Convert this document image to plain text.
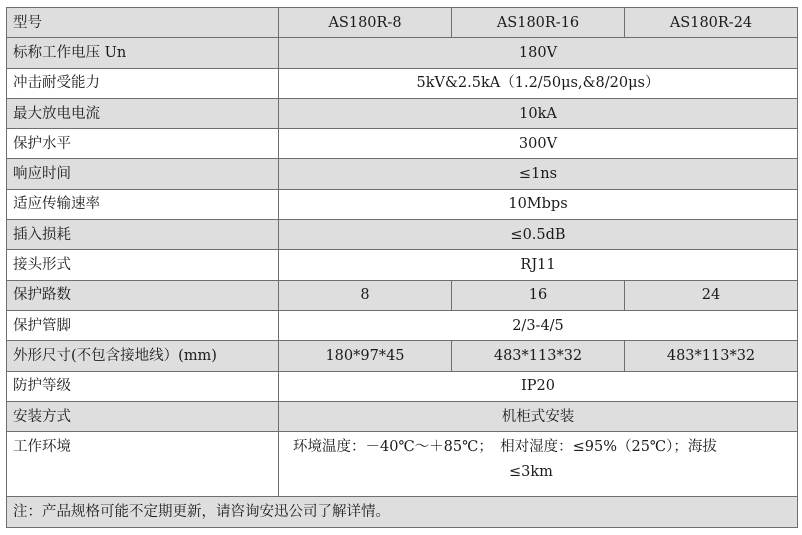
型号	AS180R-8	AS180R-16	AS180R-24
标称工作电压 Un	180V		
冲击耐受能力	5kV&2.5kA（1.2/50μs,&8/20μs）		
最大放电电流	10kA		
保护水平	300V		
响应时间	≤1ns		
适应传输速率	10Mbps		
插入损耗	≤0.5dB		
接头形式	RJ11		
保护路数	8	16	24
保护管脚	2/3-4/5		
外形尺寸(不包含接地线）(mm)	180*97*45	483*113*32	483*113*32
防护等级	IP20		
安装方式	机柜式安装		
工作环境	环境温度：－40℃～＋85℃；　相对湿度：≤95%（25℃）；海拔
≤3km		

注：产品规格可能不定期更新，请咨询安迅公司了解详情。			
